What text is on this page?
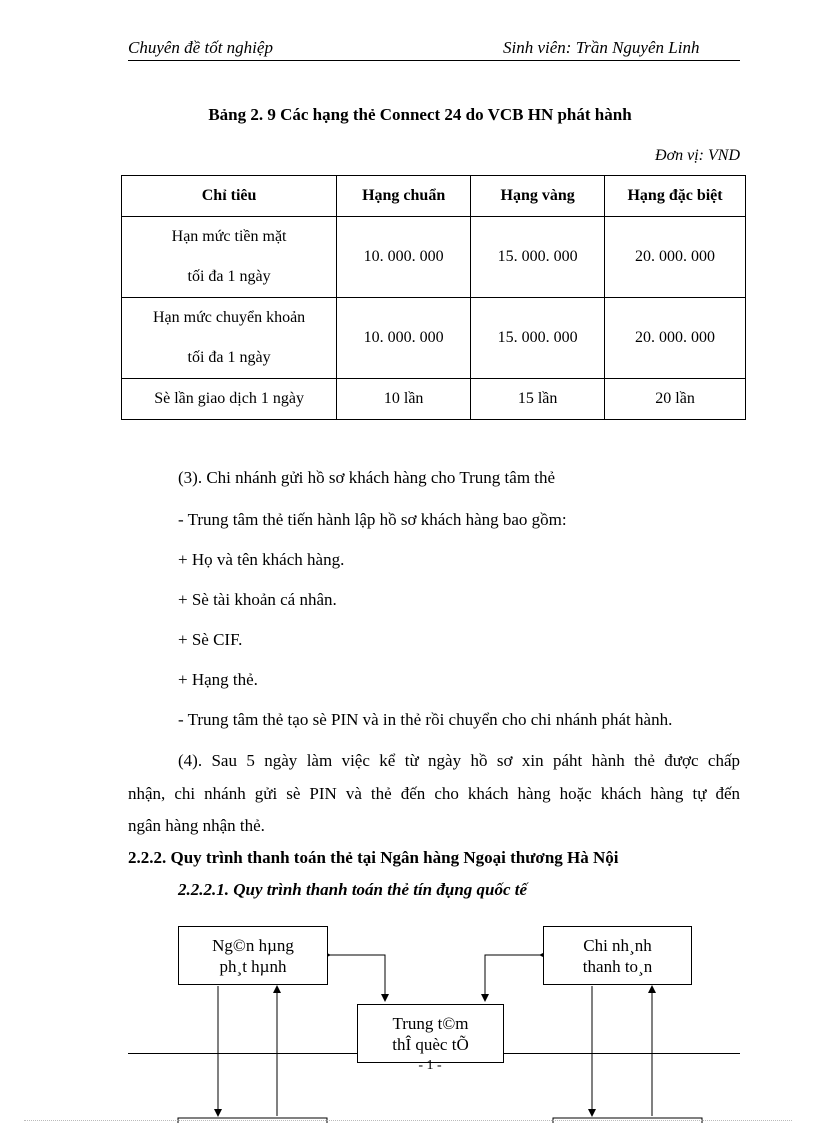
Chuyên đề tốt nghiệp	Sinh viên: Trần Nguyên Linh
Bảng 2. 9 Các hạng thẻ Connect 24 do VCB HN phát hành
Đơn vị: VND
Chỉ tiêu	Hạng chuẩn	Hạng vàng	Hạng đặc biệt
Hạn mức tiền mặt
tối đa 1 ngày	10. 000. 000	15. 000. 000	20. 000. 000
Hạn mức chuyển khoản
tối đa 1 ngày	10. 000. 000	15. 000. 000	20. 000. 000
Sè lần giao dịch 1 ngày	10 lần	15 lần	20 lần
(3). Chi nhánh gửi hồ sơ khách hàng cho Trung tâm thẻ
- Trung tâm thẻ tiến hành lập hồ sơ khách hàng bao gồm:
+ Họ và tên khách hàng.
+ Sè tài khoản cá nhân.
+ Sè CIF.
+ Hạng thẻ.
- Trung tâm thẻ tạo sè PIN và in thẻ rồi chuyển cho chi nhánh phát hành.
(4). Sau 5 ngày làm việc kể từ ngày hồ sơ xin páht hành thẻ được chấp
nhận, chi nhánh gửi sè PIN và thẻ đến cho khách hàng hoặc khách hàng tự đến
ngân hàng nhận thẻ.
2.2.2. Quy trình thanh toán thẻ tại Ngân hàng Ngoại thương Hà Nội
2.2.2.1. Quy trình thanh toán thẻ tín đụng quốc tế
Ng©n hµng
ph¸t hµnh
Chi nh¸nh
thanh to¸n
Trung t©m
thÎ quèc tÕ
- 1 -
